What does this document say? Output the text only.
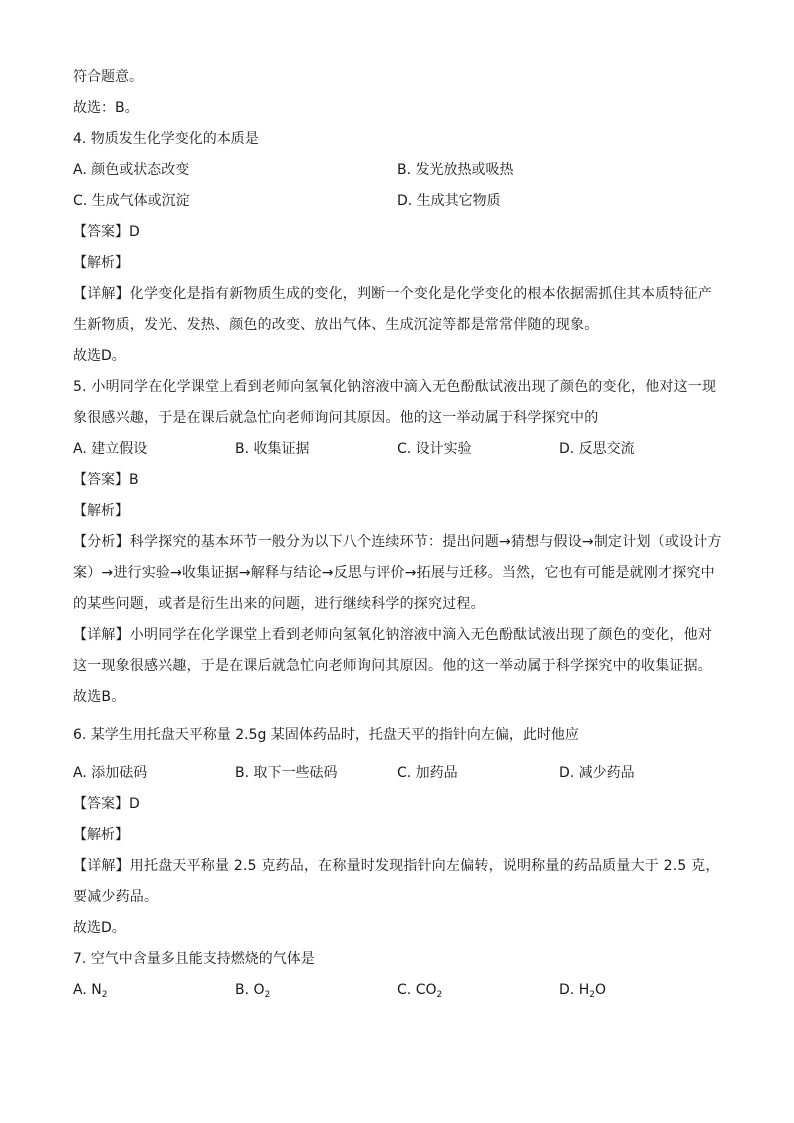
符合题意。
故选：B。
4. 物质发生化学变化的本质是
A. 颜色或状态改变	B. 发光放热或吸热
C. 生成气体或沉淀	D. 生成其它物质
【答案】D
【解析】
【详解】化学变化是指有新物质生成的变化，判断一个变化是化学变化的根本依据需抓住其本质特征产生新物质，发光、发热、颜色的改变、放出气体、生成沉淀等都是常常伴随的现象。
故选D。
5. 小明同学在化学课堂上看到老师向氢氧化钠溶液中滴入无色酚酞试液出现了颜色的变化，他对这一现象很感兴趣，于是在课后就急忙向老师询问其原因。他的这一举动属于科学探究中的
A. 建立假设	B. 收集证据	C. 设计实验	D. 反思交流
【答案】B
【解析】
【分析】科学探究的基本环节一般分为以下八个连续环节：提出问题→猜想与假设→制定计划（或设计方案）→进行实验→收集证据→解释与结论→反思与评价→拓展与迁移。当然，它也有可能是就刚才探究中的某些问题，或者是衍生出来的问题，进行继续科学的探究过程。
【详解】小明同学在化学课堂上看到老师向氢氧化钠溶液中滴入无色酚酞试液出现了颜色的变化，他对这一现象很感兴趣，于是在课后就急忙向老师询问其原因。他的这一举动属于科学探究中的收集证据。故选B。
6. 某学生用托盘天平称量 2.5g 某固体药品时，托盘天平的指针向左偏，此时他应
A. 添加砝码	B. 取下一些砝码	C. 加药品	D. 减少药品
【答案】D
【解析】
【详解】用托盘天平称量 2.5 克药品，在称量时发现指针向左偏转，说明称量的药品质量大于 2.5 克，要减少药品。
故选D。
7. 空气中含量多且能支持燃烧的气体是
A. $N_2$	B. $O_2$	C. $CO_2$	D. $H_2O$
